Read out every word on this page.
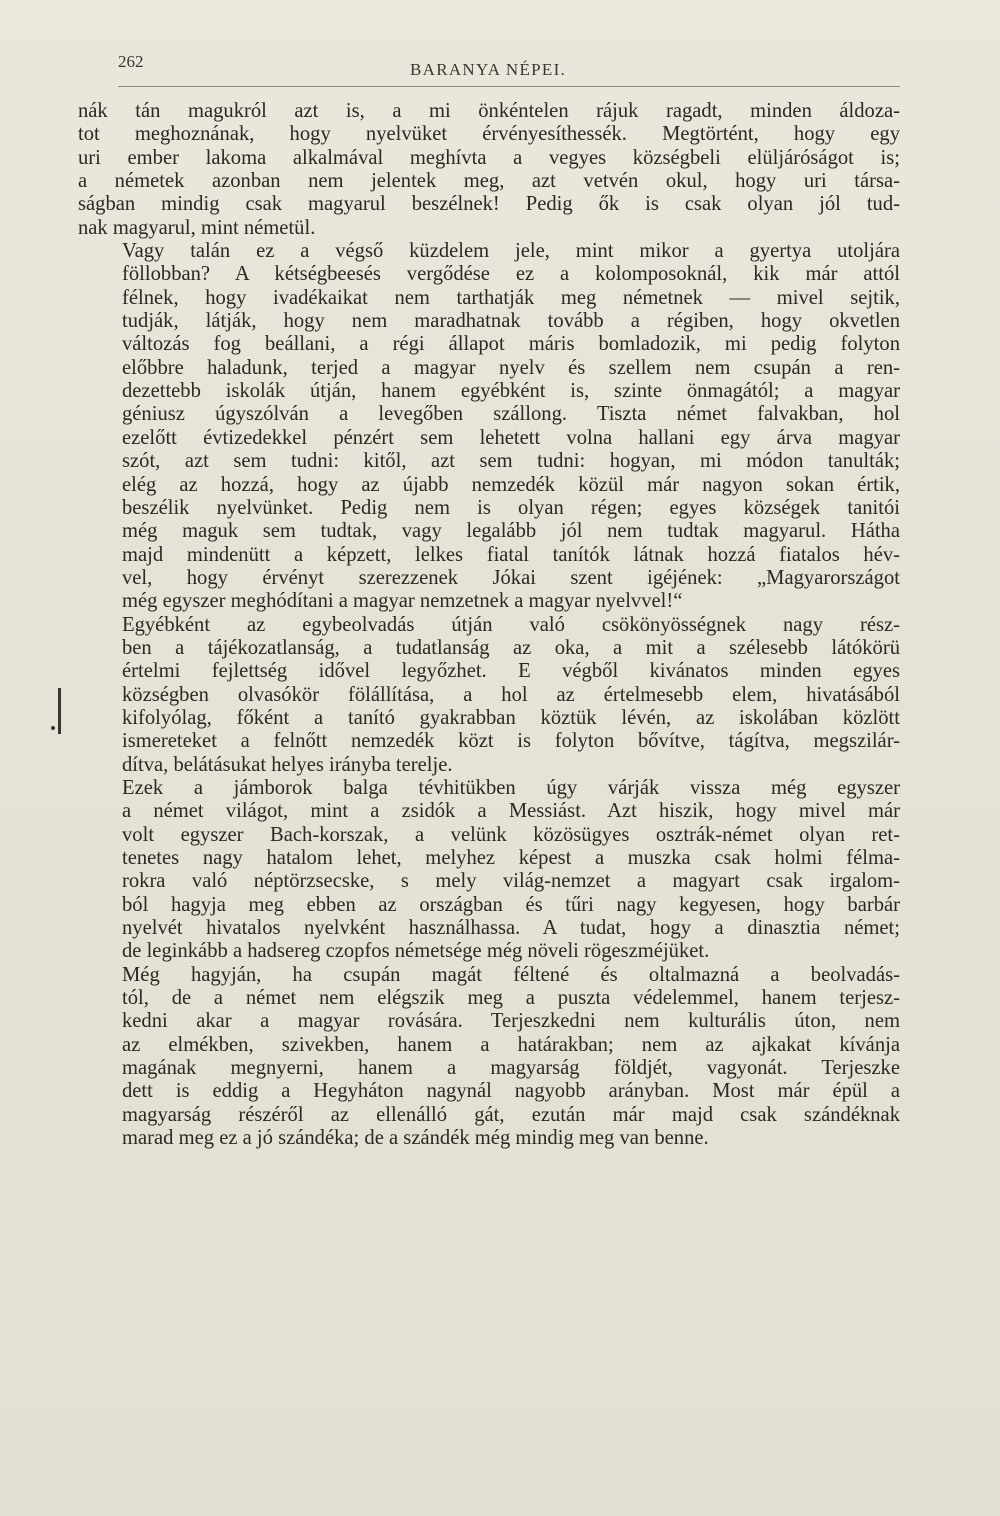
262	BARANYA NÉPEI.

nák tán magukról azt is, a mi önkéntelen rájuk ragadt, minden áldoza-
tot meghoznának, hogy nyelvüket érvényesíthessék. Megtörtént, hogy egy
uri ember lakoma alkalmával meghívta a vegyes községbeli elüljáróságot is;
a németek azonban nem jelentek meg, azt vetvén okul, hogy uri társa-
ságban mindig csak magyarul beszélnek! Pedig ők is csak olyan jól tud-
nak magyarul, mint németül.

Vagy talán ez a végső küzdelem jele, mint mikor a gyertya utoljára
föllobban? A kétségbeesés vergődése ez a kolomposoknál, kik már attól
félnek, hogy ivadékaikat nem tarthatják meg németnek — mivel sejtik,
tudják, látják, hogy nem maradhatnak tovább a régiben, hogy okvetlen
változás fog beállani, a régi állapot máris bomladozik, mi pedig folyton
előbbre haladunk, terjed a magyar nyelv és szellem nem csupán a ren-
dezettebb iskolák útján, hanem egyébként is, szinte önmagától; a magyar
géniusz úgyszólván a levegőben szállong. Tiszta német falvakban, hol
ezelőtt évtizedekkel pénzért sem lehetett volna hallani egy árva magyar
szót, azt sem tudni: kitől, azt sem tudni: hogyan, mi módon tanulták;
elég az hozzá, hogy az újabb nemzedék közül már nagyon sokan értik,
beszélik nyelvünket. Pedig nem is olyan régen; egyes községek tanitói
még maguk sem tudtak, vagy legalább jól nem tudtak magyarul. Hátha
majd mindenütt a képzett, lelkes fiatal tanítók látnak hozzá fiatalos hév-
vel, hogy érvényt szerezzenek Jókai szent igéjének: „Magyarországot
még egyszer meghódítani a magyar nemzetnek a magyar nyelvvel!“

Egyébként az egybeolvadás útján való csökönyösségnek nagy rész-
ben a tájékozatlanság, a tudatlanság az oka, a mit a szélesebb látókörü
értelmi fejlettség idővel legyőzhet. E végből kivánatos minden egyes
községben olvasókör fölállítása, a hol az értelmesebb elem, hivatásából
kifolyólag, főként a tanító gyakrabban köztük lévén, az iskolában közlött
ismereteket a felnőtt nemzedék közt is folyton bővítve, tágítva, megszilár-
dítva, belátásukat helyes irányba terelje.

Ezek a jámborok balga tévhitükben úgy várják vissza még egyszer
a német világot, mint a zsidók a Messiást. Azt hiszik, hogy mivel már
volt egyszer Bach-korszak, a velünk közösügyes osztrák-német olyan ret-
tenetes nagy hatalom lehet, melyhez képest a muszka csak holmi félma-
rokra való néptörzsecske, s mely világ-nemzet a magyart csak irgalom-
ból hagyja meg ebben az országban és tűri nagy kegyesen, hogy barbár
nyelvét hivatalos nyelvként használhassa. A tudat, hogy a dinasztia német;
de leginkább a hadsereg czopfos németsége még növeli rögeszméjüket.

Még hagyján, ha csupán magát féltené és oltalmazná a beolvadás-
tól, de a német nem elégszik meg a puszta védelemmel, hanem terjesz-
kedni akar a magyar rovására. Terjeszkedni nem kulturális úton, nem
az elmékben, szivekben, hanem a határakban; nem az ajkakat kívánja
magának megnyerni, hanem a magyarság földjét, vagyonát. Terjeszke
dett is eddig a Hegyháton nagynál nagyobb arányban. Most már épül a
magyarság részéről az ellenálló gát, ezután már majd csak szándéknak
marad meg ez a jó szándéka; de a szándék még mindig meg van benne.
